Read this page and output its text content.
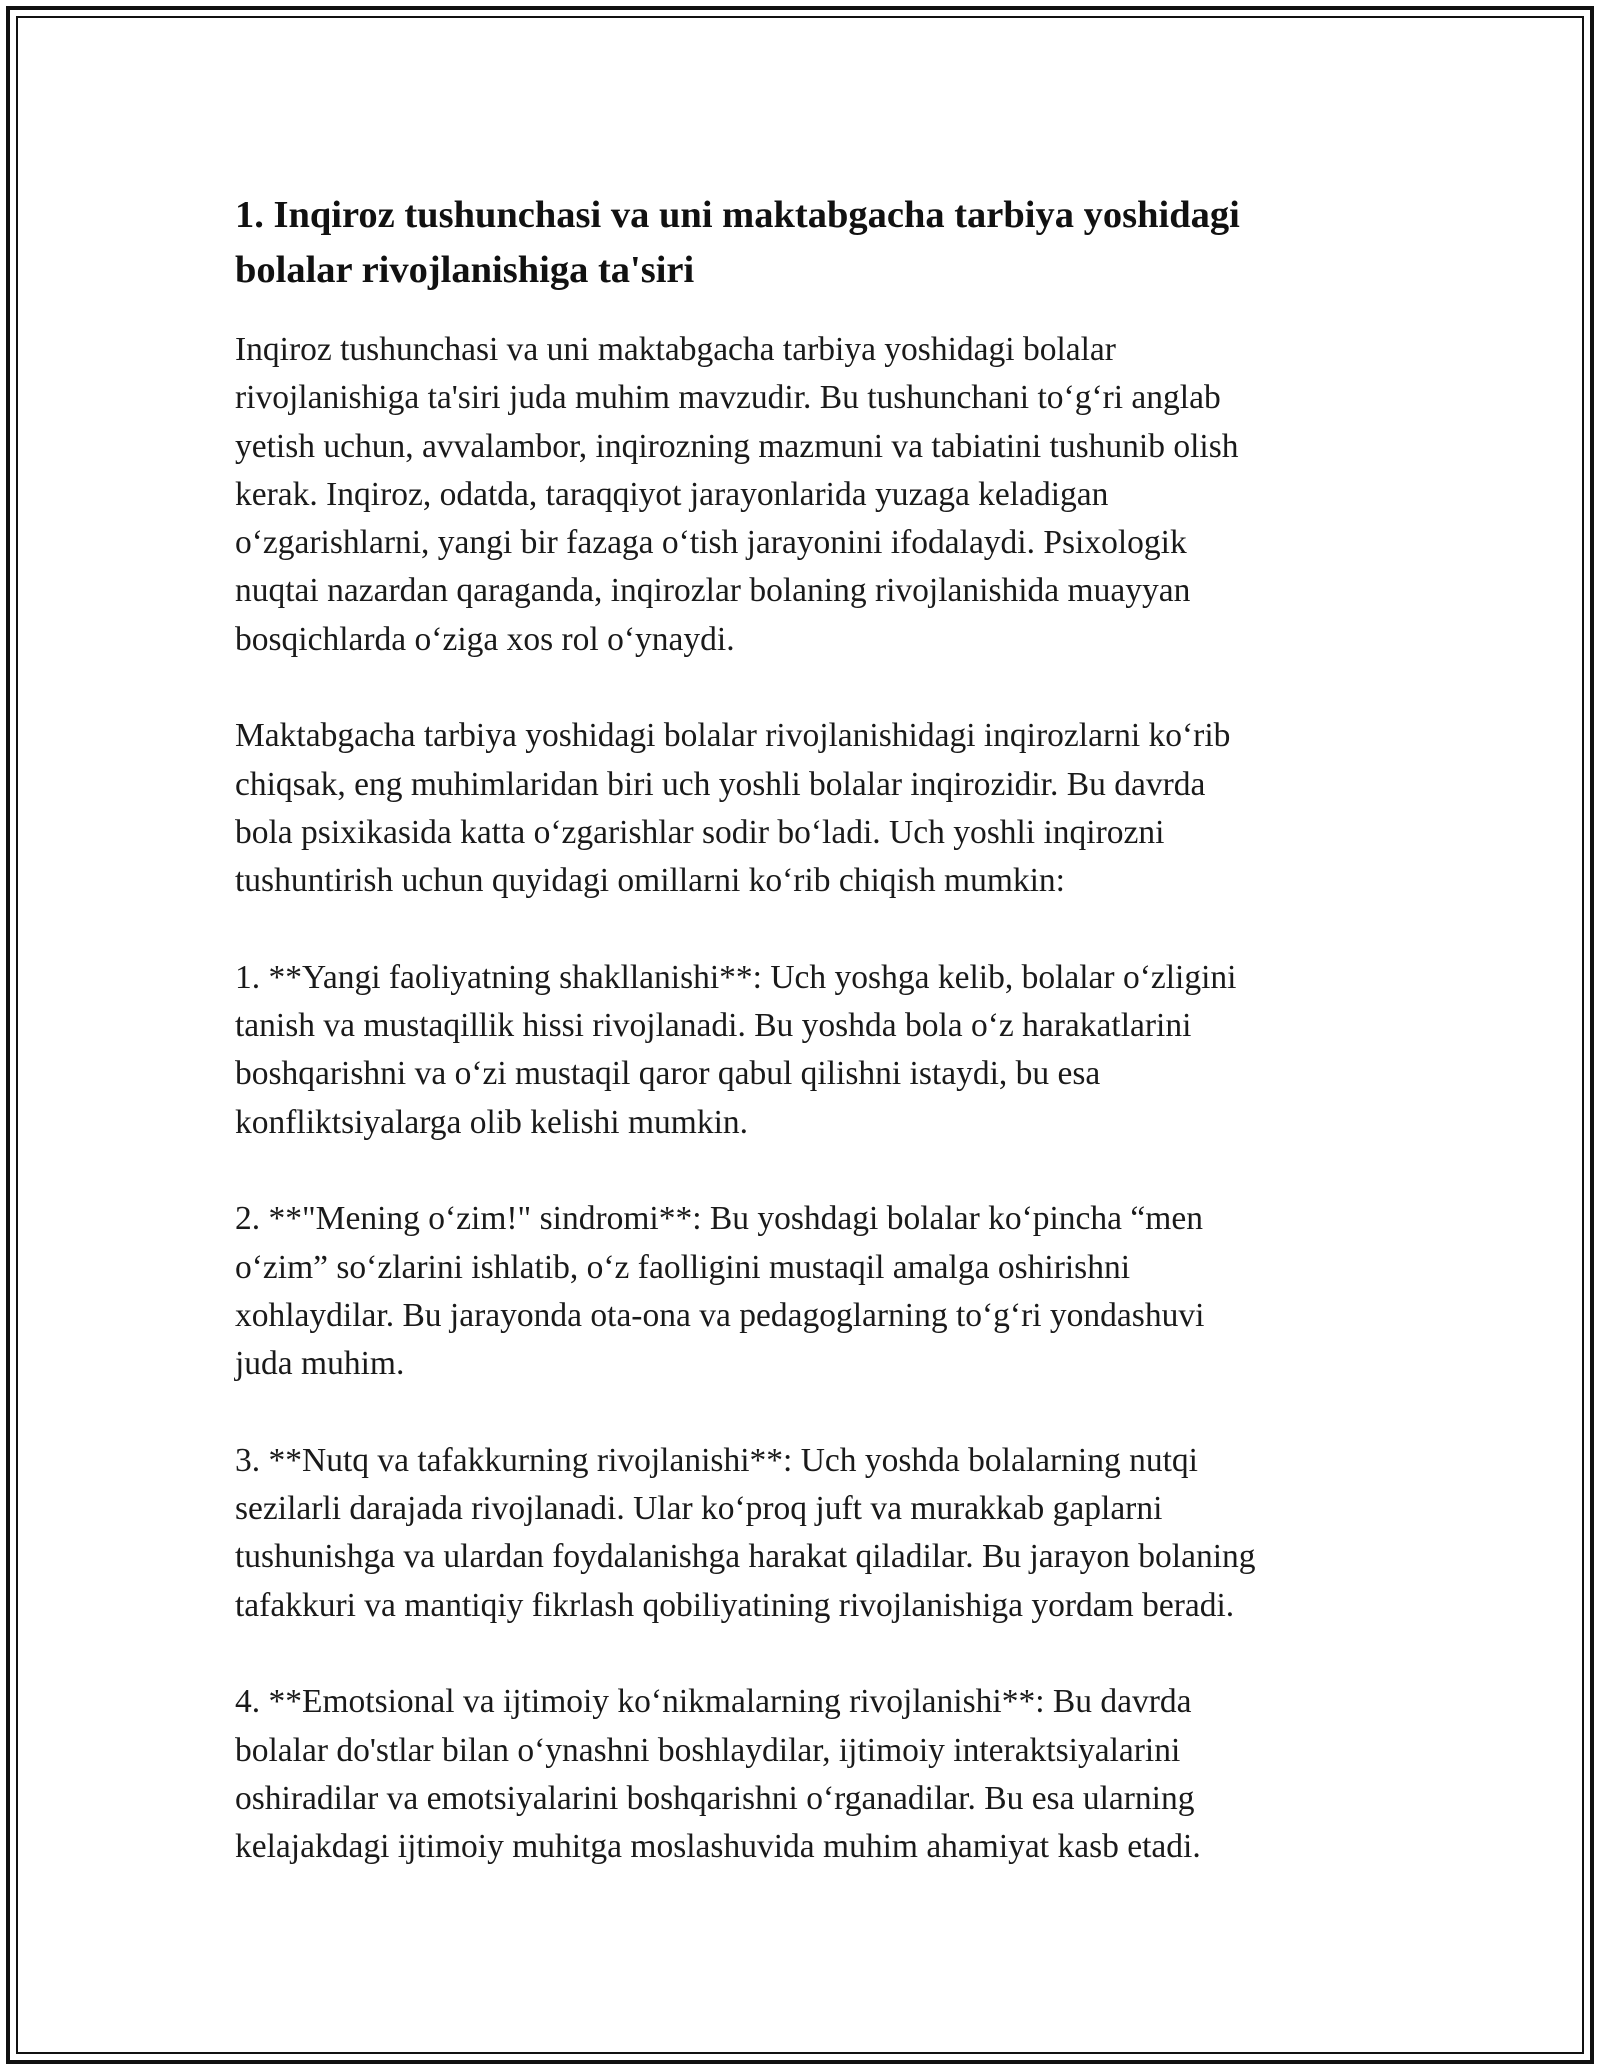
1. Inqiroz tushunchasi va uni maktabgacha tarbiya yoshidagi
bolalar rivojlanishiga ta'siri

Inqiroz tushunchasi va uni maktabgacha tarbiya yoshidagi bolalar
rivojlanishiga ta'siri juda muhim mavzudir. Bu tushunchani to‘g‘ri anglab
yetish uchun, avvalambor, inqirozning mazmuni va tabiatini tushunib olish
kerak. Inqiroz, odatda, taraqqiyot jarayonlarida yuzaga keladigan
o‘zgarishlarni, yangi bir fazaga o‘tish jarayonini ifodalaydi. Psixologik
nuqtai nazardan qaraganda, inqirozlar bolaning rivojlanishida muayyan
bosqichlarda o‘ziga xos rol o‘ynaydi.

Maktabgacha tarbiya yoshidagi bolalar rivojlanishidagi inqirozlarni ko‘rib
chiqsak, eng muhimlaridan biri uch yoshli bolalar inqirozidir. Bu davrda
bola psixikasida katta o‘zgarishlar sodir bo‘ladi. Uch yoshli inqirozni
tushuntirish uchun quyidagi omillarni ko‘rib chiqish mumkin:

1. **Yangi faoliyatning shakllanishi**: Uch yoshga kelib, bolalar o‘zligini
tanish va mustaqillik hissi rivojlanadi. Bu yoshda bola o‘z harakatlarini
boshqarishni va o‘zi mustaqil qaror qabul qilishni istaydi, bu esa
konfliktsiyalarga olib kelishi mumkin.

2. **"Mening o‘zim!" sindromi**: Bu yoshdagi bolalar ko‘pincha “men
o‘zim” so‘zlarini ishlatib, o‘z faolligini mustaqil amalga oshirishni
xohlaydilar. Bu jarayonda ota-ona va pedagoglarning to‘g‘ri yondashuvi
juda muhim.

3. **Nutq va tafakkurning rivojlanishi**: Uch yoshda bolalarning nutqi
sezilarli darajada rivojlanadi. Ular ko‘proq juft va murakkab gaplarni
tushunishga va ulardan foydalanishga harakat qiladilar. Bu jarayon bolaning
tafakkuri va mantiqiy fikrlash qobiliyatining rivojlanishiga yordam beradi.

4. **Emotsional va ijtimoiy ko‘nikmalarning rivojlanishi**: Bu davrda
bolalar do'stlar bilan o‘ynashni boshlaydilar, ijtimoiy interaktsiyalarini
oshiradilar va emotsiyalarini boshqarishni o‘rganadilar. Bu esa ularning
kelajakdagi ijtimoiy muhitga moslashuvida muhim ahamiyat kasb etadi.
